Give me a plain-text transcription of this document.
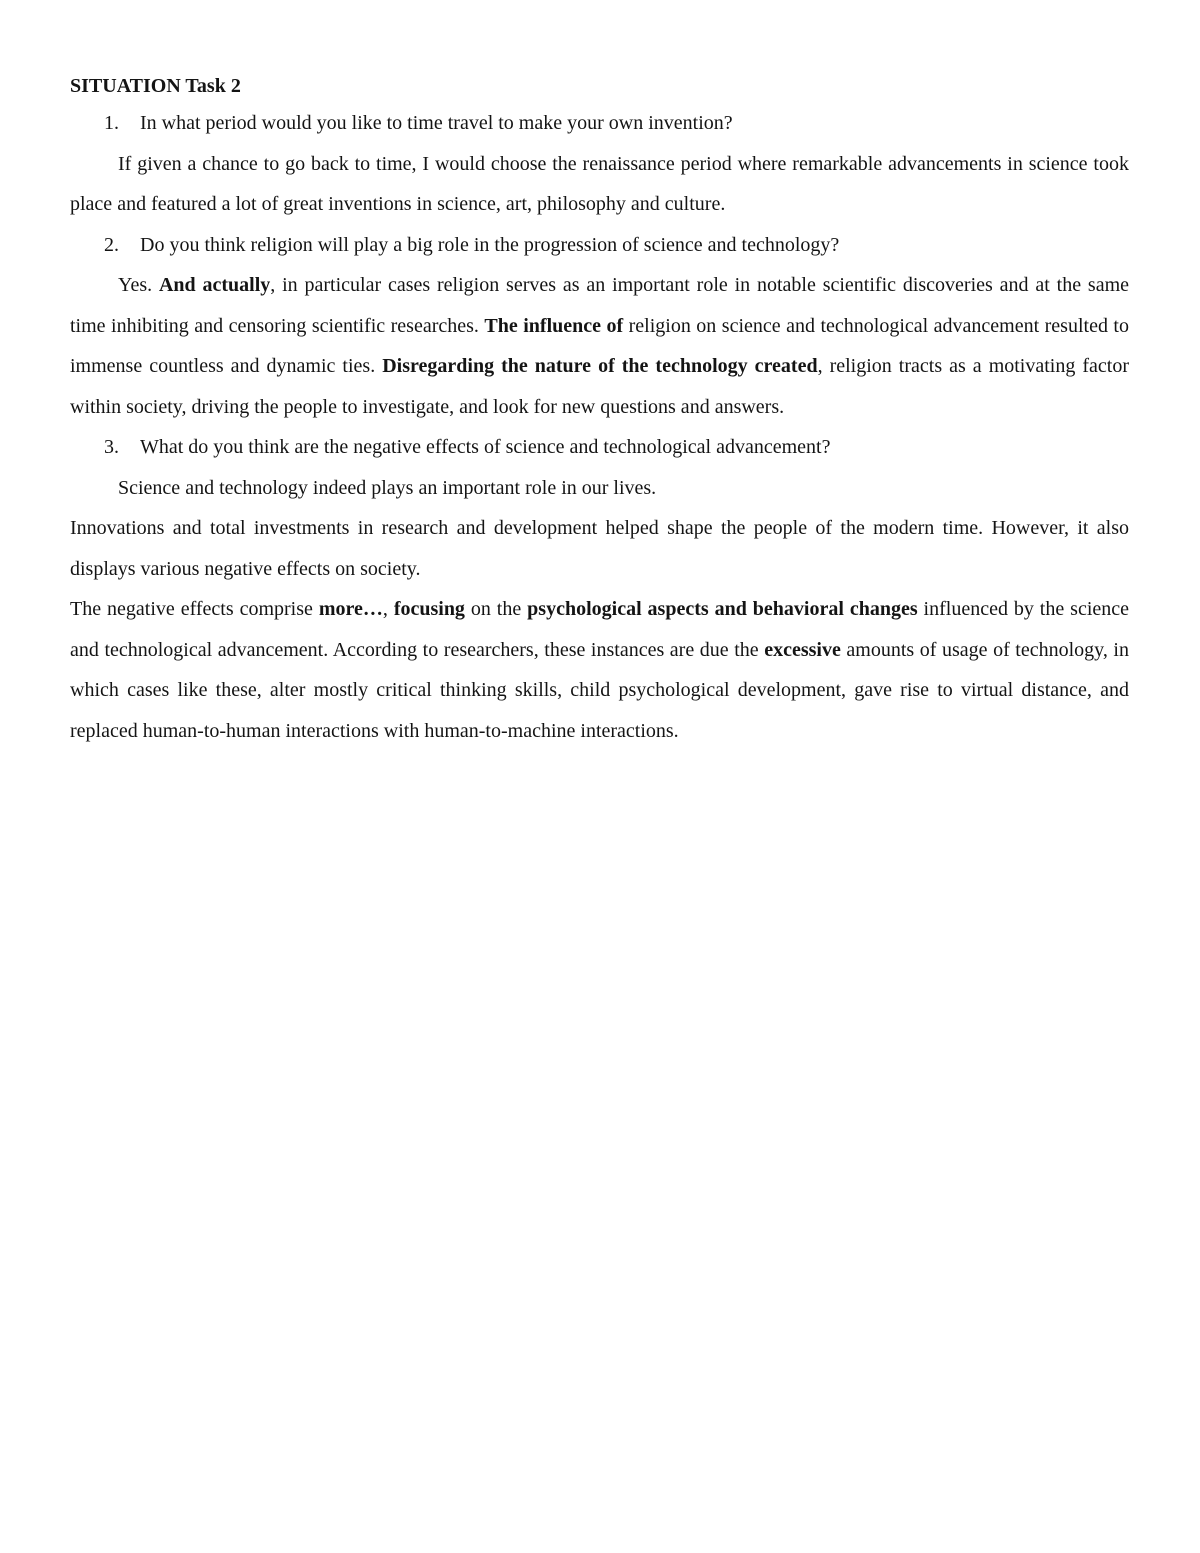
SITUATION Task 2

1. In what period would you like to time travel to make your own invention?

If given a chance to go back to time, I would choose the renaissance period where remarkable advancements in science took place and featured a lot of great inventions in science, art, philosophy and culture.

2. Do you think religion will play a big role in the progression of science and technology?

Yes. And actually, in particular cases religion serves as an important role in notable scientific discoveries and at the same time inhibiting and censoring scientific researches. The influence of religion on science and technological advancement resulted to immense countless and dynamic ties. Disregarding the nature of the technology created, religion tracts as a motivating factor within society, driving the people to investigate, and look for new questions and answers.

3. What do you think are the negative effects of science and technological advancement?

Science and technology indeed plays an important role in our lives.

Innovations and total investments in research and development helped shape the people of the modern time. However, it also displays various negative effects on society.

The negative effects comprise more…, focusing on the psychological aspects and behavioral changes influenced by the science and technological advancement. According to researchers, these instances are due the excessive amounts of usage of technology, in which cases like these, alter mostly critical thinking skills, child psychological development, gave rise to virtual distance, and replaced human-to-human interactions with human-to-machine interactions.
